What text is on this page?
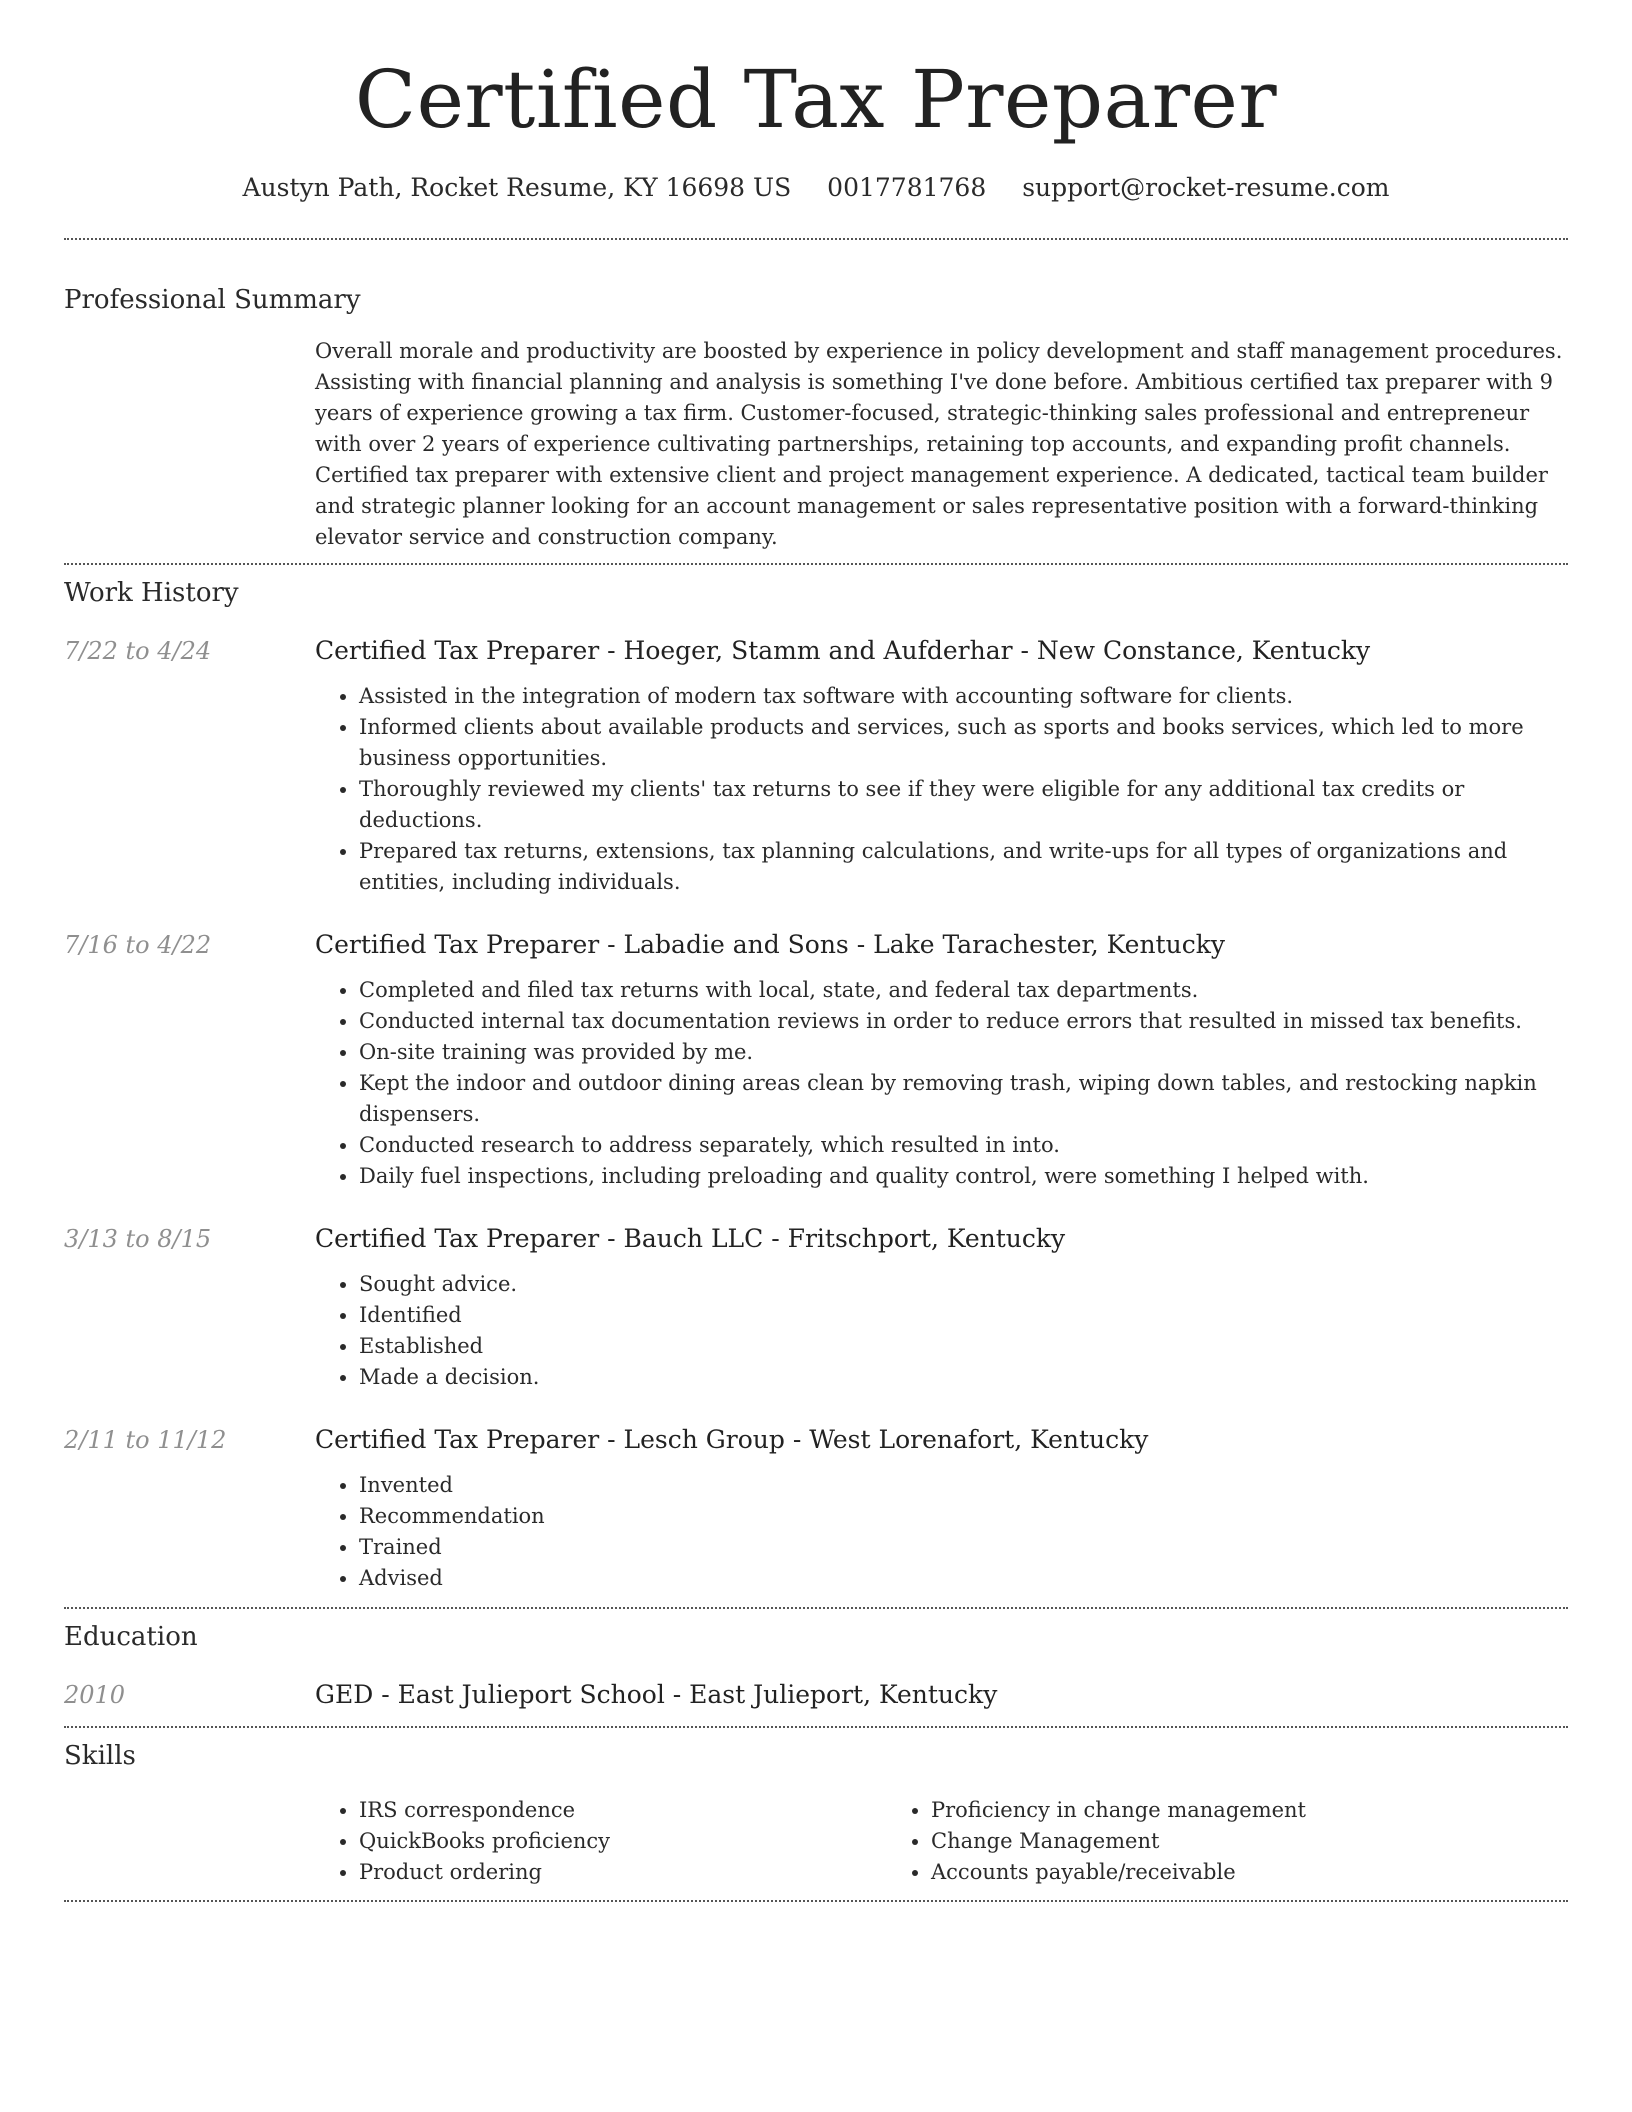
Certified Tax Preparer
Austyn Path, Rocket Resume, KY 16698 US 0017781768 support@rocket-resume.com
Professional Summary

Overall morale and productivity are boosted by experience in policy development and staff management procedures. Assisting with financial planning and analysis is something I've done before. Ambitious certified tax preparer with 9 years of experience growing a tax firm. Customer-focused, strategic-thinking sales professional and entrepreneur with over 2 years of experience cultivating partnerships, retaining top accounts, and expanding profit channels. Certified tax preparer with extensive client and project management experience. A dedicated, tactical team builder and strategic planner looking for an account management or sales representative position with a forward-thinking elevator service and construction company.

Work History
7/22 to 4/24	Certified Tax Preparer - Hoeger, Stamm and Aufderhar - New Constance, Kentucky
• Assisted in the integration of modern tax software with accounting software for clients.
• Informed clients about available products and services, such as sports and books services, which led to more business opportunities.
• Thoroughly reviewed my clients' tax returns to see if they were eligible for any additional tax credits or deductions.
• Prepared tax returns, extensions, tax planning calculations, and write-ups for all types of organizations and entities, including individuals.
7/16 to 4/22	Certified Tax Preparer - Labadie and Sons - Lake Tarachester, Kentucky
• Completed and filed tax returns with local, state, and federal tax departments.
• Conducted internal tax documentation reviews in order to reduce errors that resulted in missed tax benefits.
• On-site training was provided by me.
• Kept the indoor and outdoor dining areas clean by removing trash, wiping down tables, and restocking napkin dispensers.
• Conducted research to address separately, which resulted in into.
• Daily fuel inspections, including preloading and quality control, were something I helped with.
3/13 to 8/15	Certified Tax Preparer - Bauch LLC - Fritschport, Kentucky
• Sought advice.
• Identified
• Established
• Made a decision.
2/11 to 11/12	Certified Tax Preparer - Lesch Group - West Lorenafort, Kentucky
• Invented
• Recommendation
• Trained
• Advised
Education
2010	GED - East Julieport School - East Julieport, Kentucky
Skills
• IRS correspondence
• QuickBooks proficiency
• Product ordering
• Proficiency in change management
• Change Management
• Accounts payable/receivable
